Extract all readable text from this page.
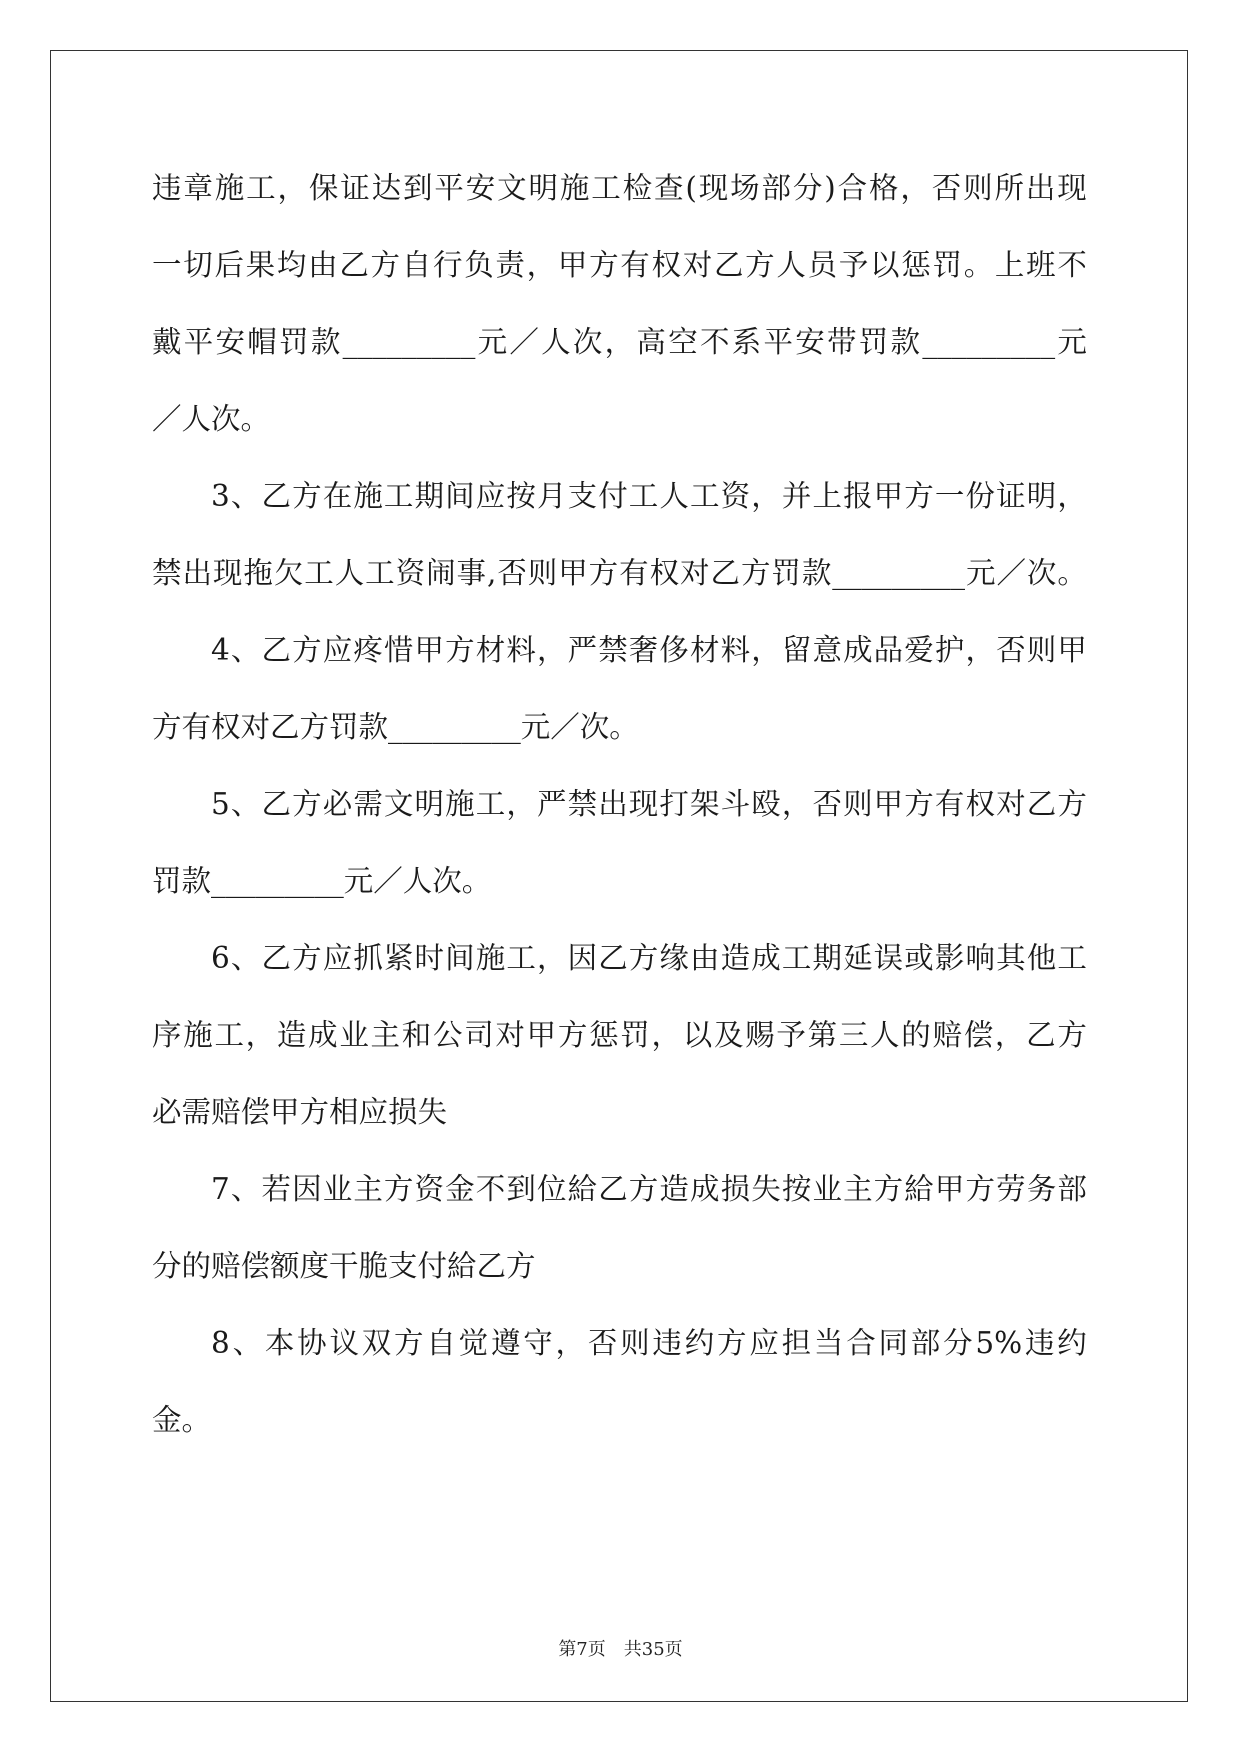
违 章 施 工 ， 保 证 达 到 平 安 文 明 施 工 检 查 ( 现 场 部 分 ) 合 格 ， 否 则 所 出 现
一 切 后 果 均 由 乙 方 自 行 负 责 ， 甲 方 有 权 对 乙 方 人 员 予 以 惩 罚 。 上 班 不
戴 平 安 帽 罚 款 _________ 元 ／ 人 次 ， 高 空 不 系 平 安 带 罚 款 _________ 元
／人次。
3 、 乙 方 在 施 工 期 间 应 按 月 支 付 工 人 工 资 ， 并 上 报 甲 方 一 份 证 明 ，
禁 出 现 拖 欠 工 人 工 资 闹 事 , 否 则 甲 方 有 权 对 乙 方 罚 款 _________ 元 ／ 次 。
4 、 乙 方 应 疼 惜 甲 方 材 料 ， 严 禁 奢 侈 材 料 ， 留 意 成 品 爱 护 ， 否 则 甲
方有权对乙方罚款_________元／次。
5 、 乙 方 必 需 文 明 施 工 ， 严 禁 出 现 打 架 斗 殴 ， 否 则 甲 方 有 权 对 乙 方
罚款_________元／人次。
6 、 乙 方 应 抓 紧 时 间 施 工 ， 因 乙 方 缘 由 造 成 工 期 延 误 或 影 响 其 他 工
序 施 工 ， 造 成 业 主 和 公 司 对 甲 方 惩 罚 ， 以 及 赐 予 第 三 人 的 赔 偿 ， 乙 方
必需赔偿甲方相应损失
7 、 若 因 业 主 方 资 金 不 到 位 給 乙 方 造 成 损 失 按 业 主 方 給 甲 方 劳 务 部
分的赔偿额度干脆支付給乙方
8 、 本 协 议 双 方 自 觉 遵 守 ， 否 则 违 约 方 应 担 当 合 同 部 分 5% 违 约
金。
第7页　共35页
